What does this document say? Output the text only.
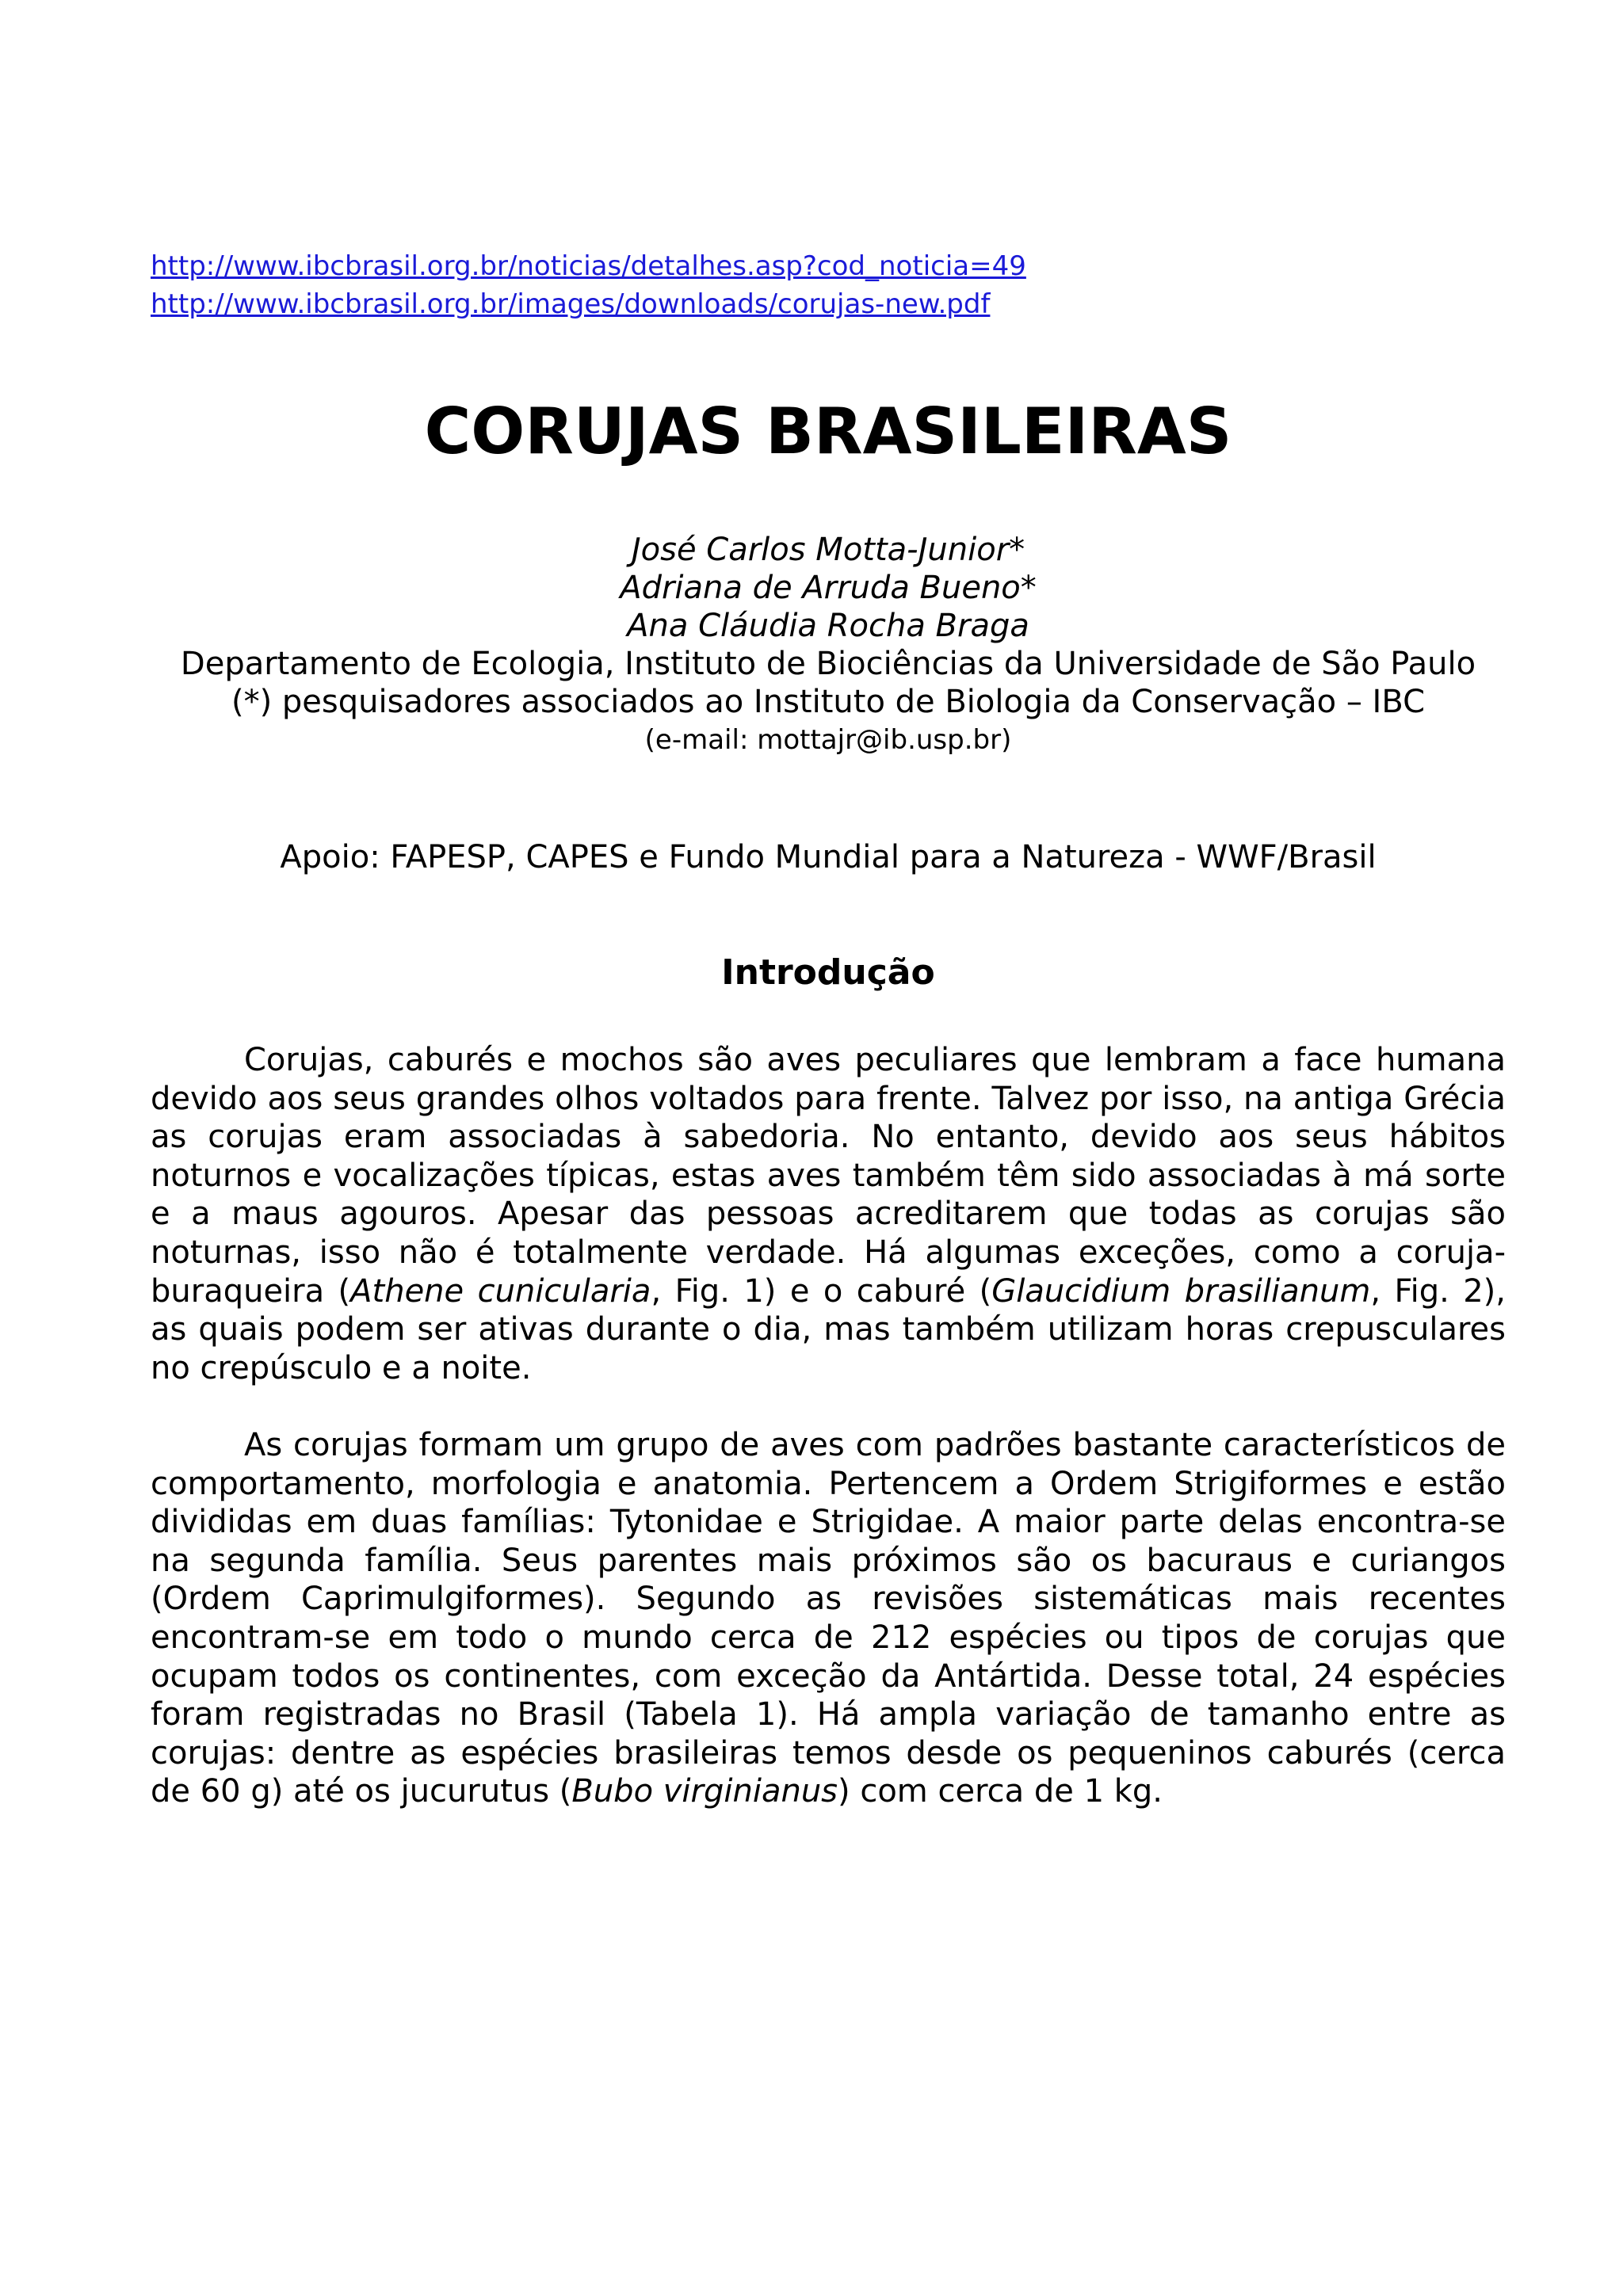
http://www.ibcbrasil.org.br/noticias/detalhes.asp?cod_noticia=49
http://www.ibcbrasil.org.br/images/downloads/corujas-new.pdf
CORUJAS BRASILEIRAS
José Carlos Motta-Junior*
Adriana de Arruda Bueno*
Ana Cláudia Rocha Braga
Departamento de Ecologia, Instituto de Biociências da Universidade de São Paulo
(*) pesquisadores associados ao Instituto de Biologia da Conservação – IBC
(e-mail: mottajr@ib.usp.br)
Apoio: FAPESP, CAPES e Fundo Mundial para a Natureza - WWF/Brasil
Introdução

Corujas, caburés e mochos são aves peculiares que lembram a face humana devido aos seus grandes olhos voltados para frente. Talvez por isso, na antiga Grécia as corujas eram associadas à sabedoria. No entanto, devido aos seus hábitos noturnos e vocalizações típicas, estas aves também têm sido associadas à má sorte e a maus agouros. Apesar das pessoas acreditarem que todas as corujas são noturnas, isso não é totalmente verdade. Há algumas exceções, como a coruja-buraqueira (Athene cunicularia, Fig. 1) e o caburé (Glaucidium brasilianum, Fig. 2), as quais podem ser ativas durante o dia, mas também utilizam horas crepusculares no crepúsculo e a noite.

As corujas formam um grupo de aves com padrões bastante característicos de comportamento, morfologia e anatomia. Pertencem a Ordem Strigiformes e estão divididas em duas famílias: Tytonidae e Strigidae. A maior parte delas encontra-se na segunda família. Seus parentes mais próximos são os bacuraus e curiangos (Ordem Caprimulgiformes). Segundo as revisões sistemáticas mais recentes encontram-se em todo o mundo cerca de 212 espécies ou tipos de corujas que ocupam todos os continentes, com exceção da Antártida. Desse total, 24 espécies foram registradas no Brasil (Tabela 1). Há ampla variação de tamanho entre as corujas: dentre as espécies brasileiras temos desde os pequeninos caburés (cerca de 60 g) até os jucurutus (Bubo virginianus) com cerca de 1 kg.
